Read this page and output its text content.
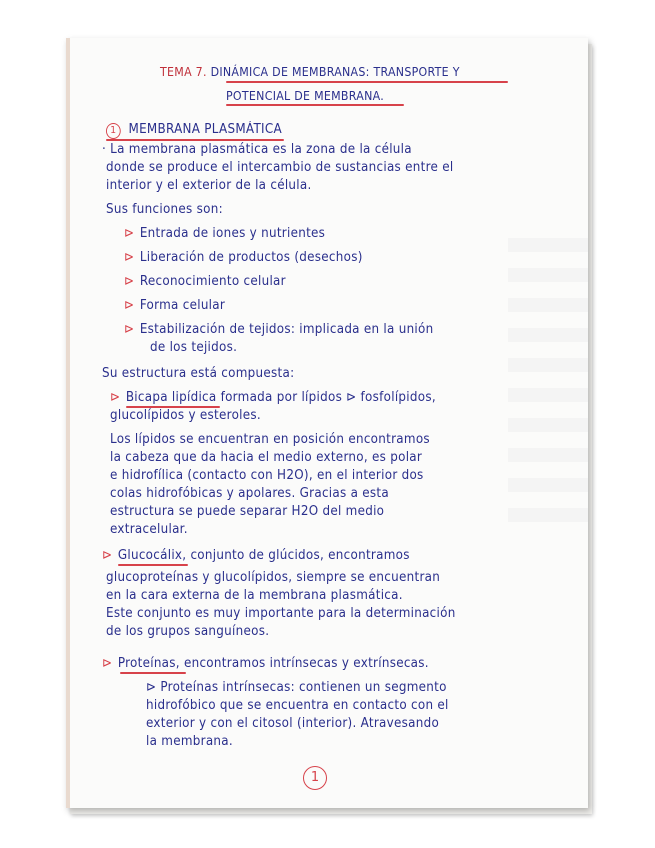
TEMA 7. DINÁMICA DE MEMBRANAS: TRANSPORTE Y
POTENCIAL DE MEMBRANA.
1 MEMBRANA PLASMÁTICA
· La membrana plasmática es la zona de la célula
donde se produce el intercambio de sustancias entre el
interior y el exterior de la célula.
Sus funciones son:
⊳ Entrada de iones y nutrientes
⊳ Liberación de productos (desechos)
⊳ Reconocimiento celular
⊳ Forma celular
⊳ Estabilización de tejidos: implicada en la unión
de los tejidos.
Su estructura está compuesta:
⊳ Bicapa lipídica formada por lípidos ⊳ fosfolípidos,
glucolípidos y esteroles.
Los lípidos se encuentran en posición encontramos
la cabeza que da hacia el medio externo, es polar
e hidrofílica (contacto con H2O), en el interior dos
colas hidrofóbicas y apolares. Gracias a esta
estructura se puede separar H2O del medio
extracelular.
⊳ Glucocálix, conjunto de glúcidos, encontramos
glucoproteínas y glucolípidos, siempre se encuentran
en la cara externa de la membrana plasmática.
Este conjunto es muy importante para la determinación
de los grupos sanguíneos.
⊳ Proteínas, encontramos intrínsecas y extrínsecas.
⊳ Proteínas intrínsecas: contienen un segmento
hidrofóbico que se encuentra en contacto con el
exterior y con el citosol (interior). Atravesando
la membrana.
1
